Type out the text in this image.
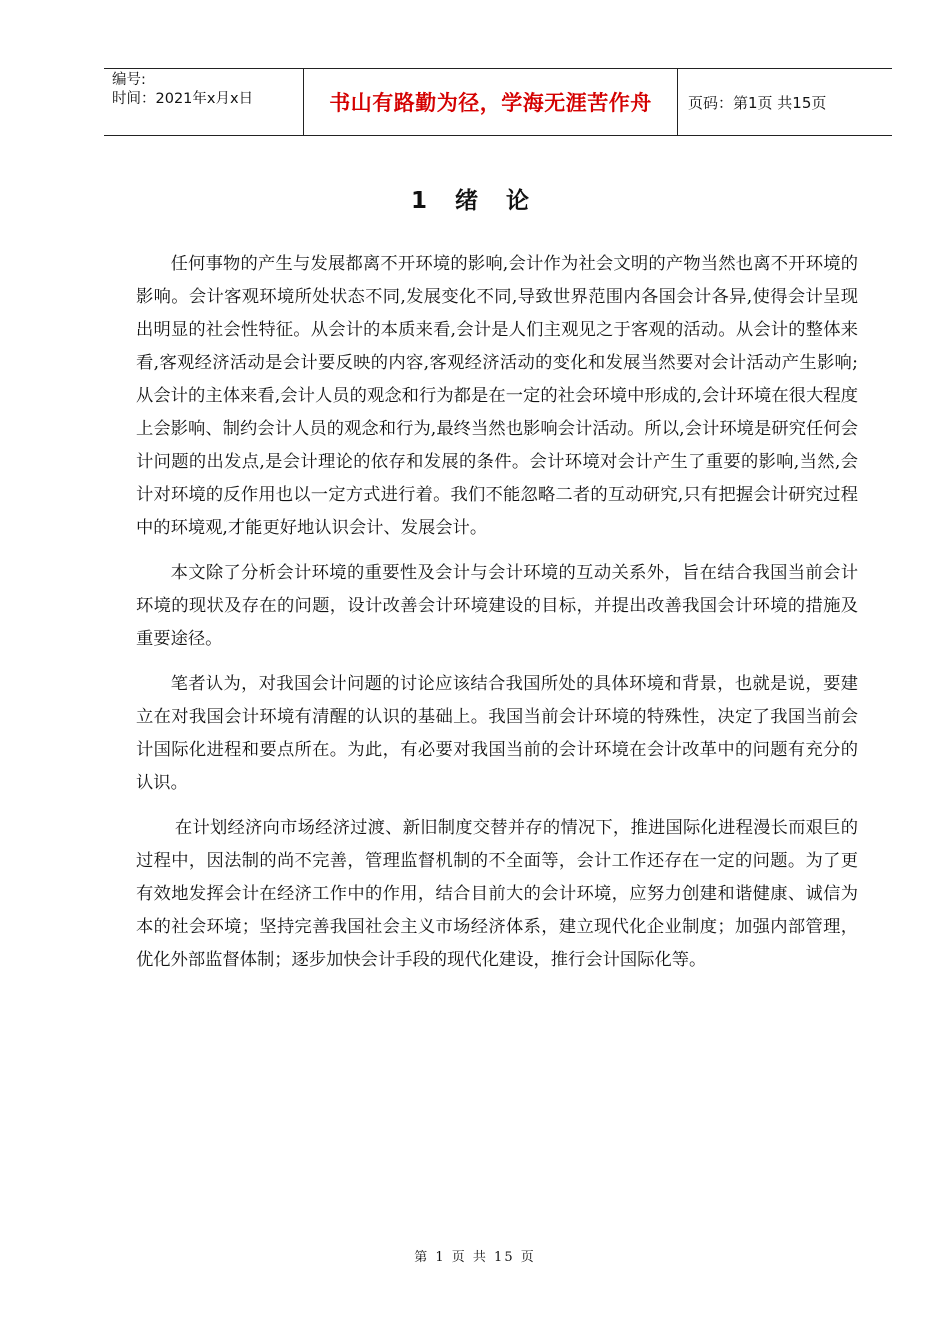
编号:
时间：2021年x月x日	书山有路勤为径，学海无涯苦作舟	页码：第1页 共15页
1 绪 论

任何事物的产生与发展都离不开环境的影响,会计作为社会文明的产物当然也离不开环境的影响。会计客观环境所处状态不同,发展变化不同,导致世界范围内各国会计各异,使得会计呈现出明显的社会性特征。从会计的本质来看,会计是人们主观见之于客观的活动。从会计的整体来看,客观经济活动是会计要反映的内容,客观经济活动的变化和发展当然要对会计活动产生影响;从会计的主体来看,会计人员的观念和行为都是在一定的社会环境中形成的,会计环境在很大程度上会影响、制约会计人员的观念和行为,最终当然也影响会计活动。所以,会计环境是研究任何会计问题的出发点,是会计理论的依存和发展的条件。会计环境对会计产生了重要的影响,当然,会计对环境的反作用也以一定方式进行着。我们不能忽略二者的互动研究,只有把握会计研究过程中的环境观,才能更好地认识会计、发展会计。

本文除了分析会计环境的重要性及会计与会计环境的互动关系外，旨在结合我国当前会计环境的现状及存在的问题，设计改善会计环境建设的目标，并提出改善我国会计环境的措施及重要途径。

笔者认为，对我国会计问题的讨论应该结合我国所处的具体环境和背景，也就是说，要建立在对我国会计环境有清醒的认识的基础上。我国当前会计环境的特殊性，决定了我国当前会计国际化进程和要点所在。为此，有必要对我国当前的会计环境在会计改革中的问题有充分的认识。

在计划经济向市场经济过渡、新旧制度交替并存的情况下，推进国际化进程漫长而艰巨的过程中，因法制的尚不完善，管理监督机制的不全面等，会计工作还存在一定的问题。为了更有效地发挥会计在经济工作中的作用，结合目前大的会计环境，应努力创建和谐健康、诚信为本的社会环境；坚持完善我国社会主义市场经济体系，建立现代化企业制度；加强内部管理，优化外部监督体制；逐步加快会计手段的现代化建设，推行会计国际化等。

第 1 页 共 15 页
